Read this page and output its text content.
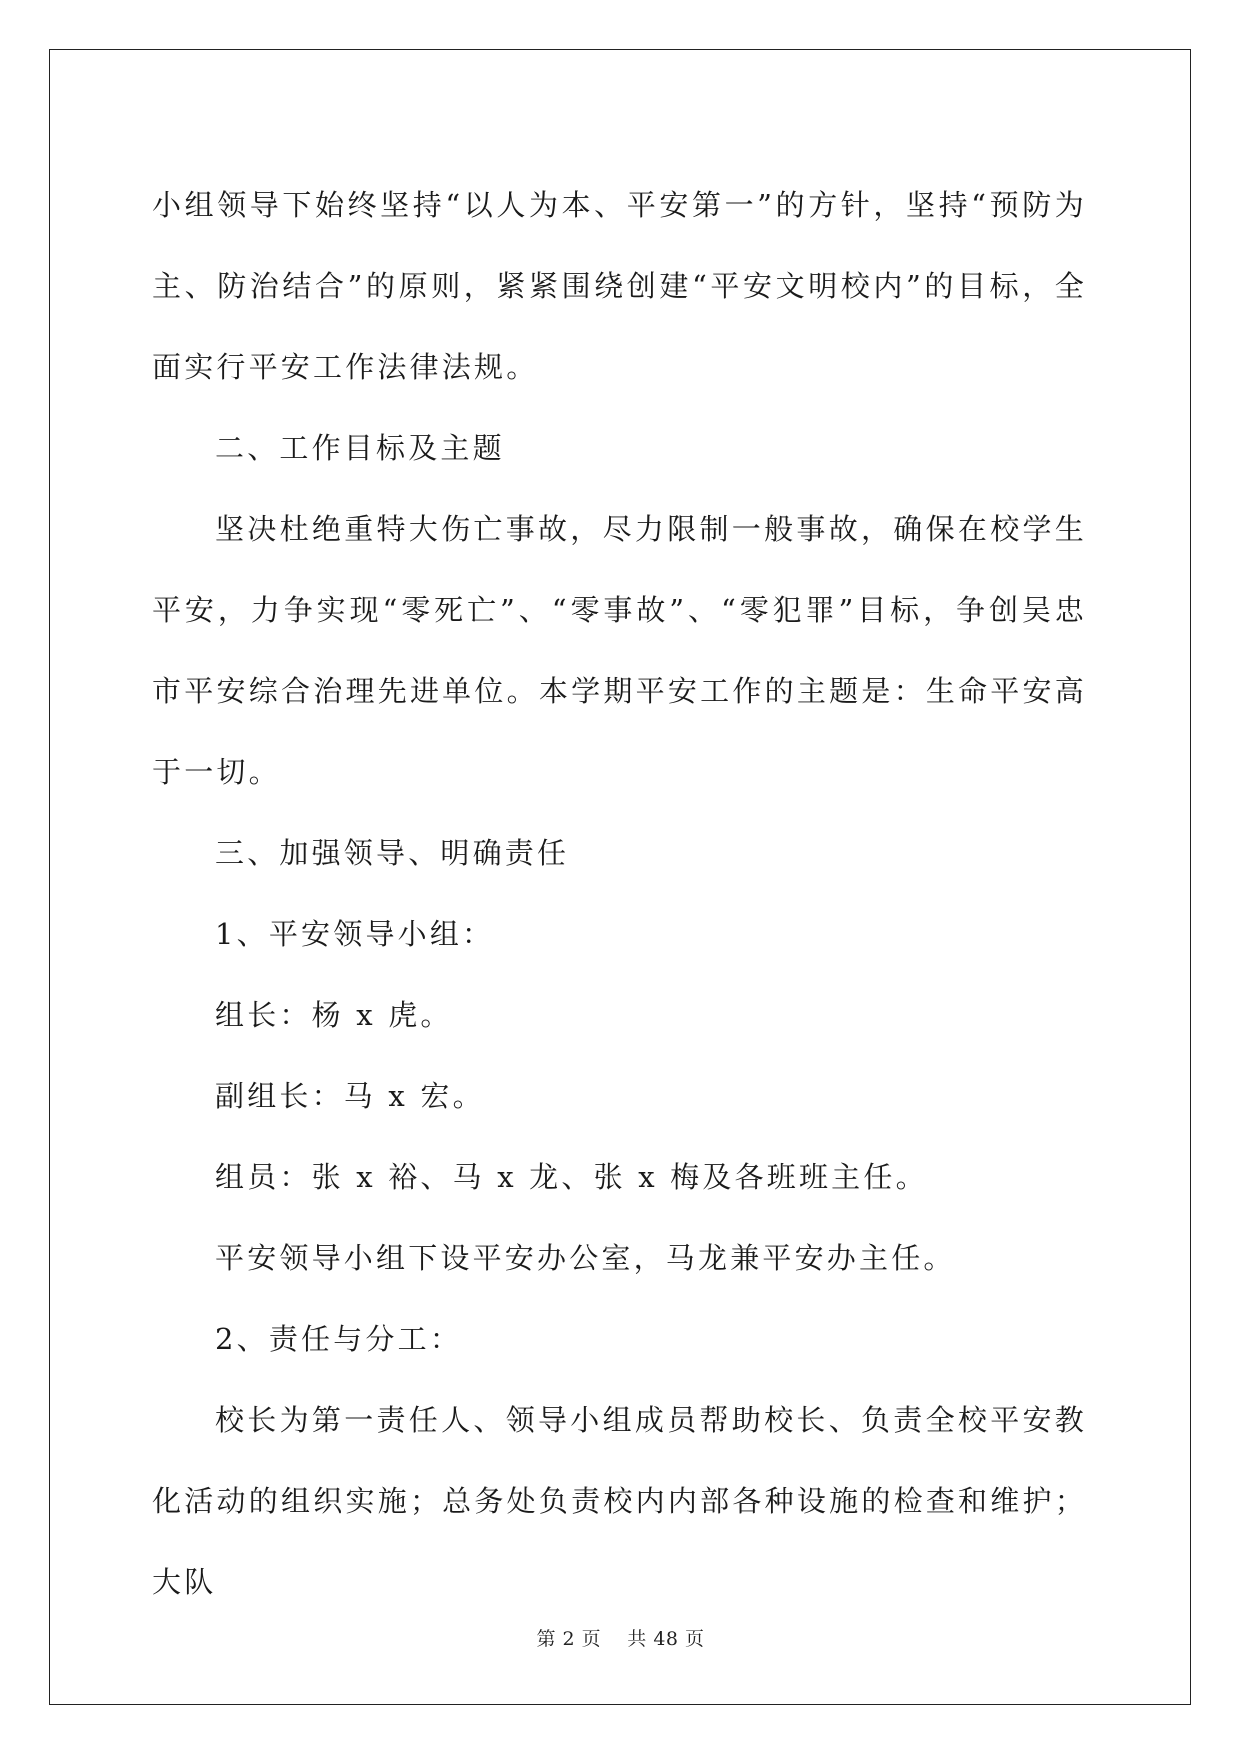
小组领导下始终坚持“以人为本、平安第一”的方针，坚持“预防为主、防治结合”的原则，紧紧围绕创建“平安文明校内”的目标，全面实行平安工作法律法规。

二、工作目标及主题

坚决杜绝重特大伤亡事故，尽力限制一般事故，确保在校学生平安，力争实现“零死亡”、“零事故”、“零犯罪”目标，争创吴忠市平安综合治理先进单位。本学期平安工作的主题是：生命平安高于一切。

三、加强领导、明确责任

1、平安领导小组：

组长：杨 x 虎。

副组长：马 x 宏。

组员：张 x 裕、马 x 龙、张 x 梅及各班班主任。

平安领导小组下设平安办公室，马龙兼平安办主任。

2、责任与分工：

校长为第一责任人、领导小组成员帮助校长、负责全校平安教化活动的组织实施；总务处负责校内内部各种设施的检查和维护；大队

第 2 页 共 48 页
